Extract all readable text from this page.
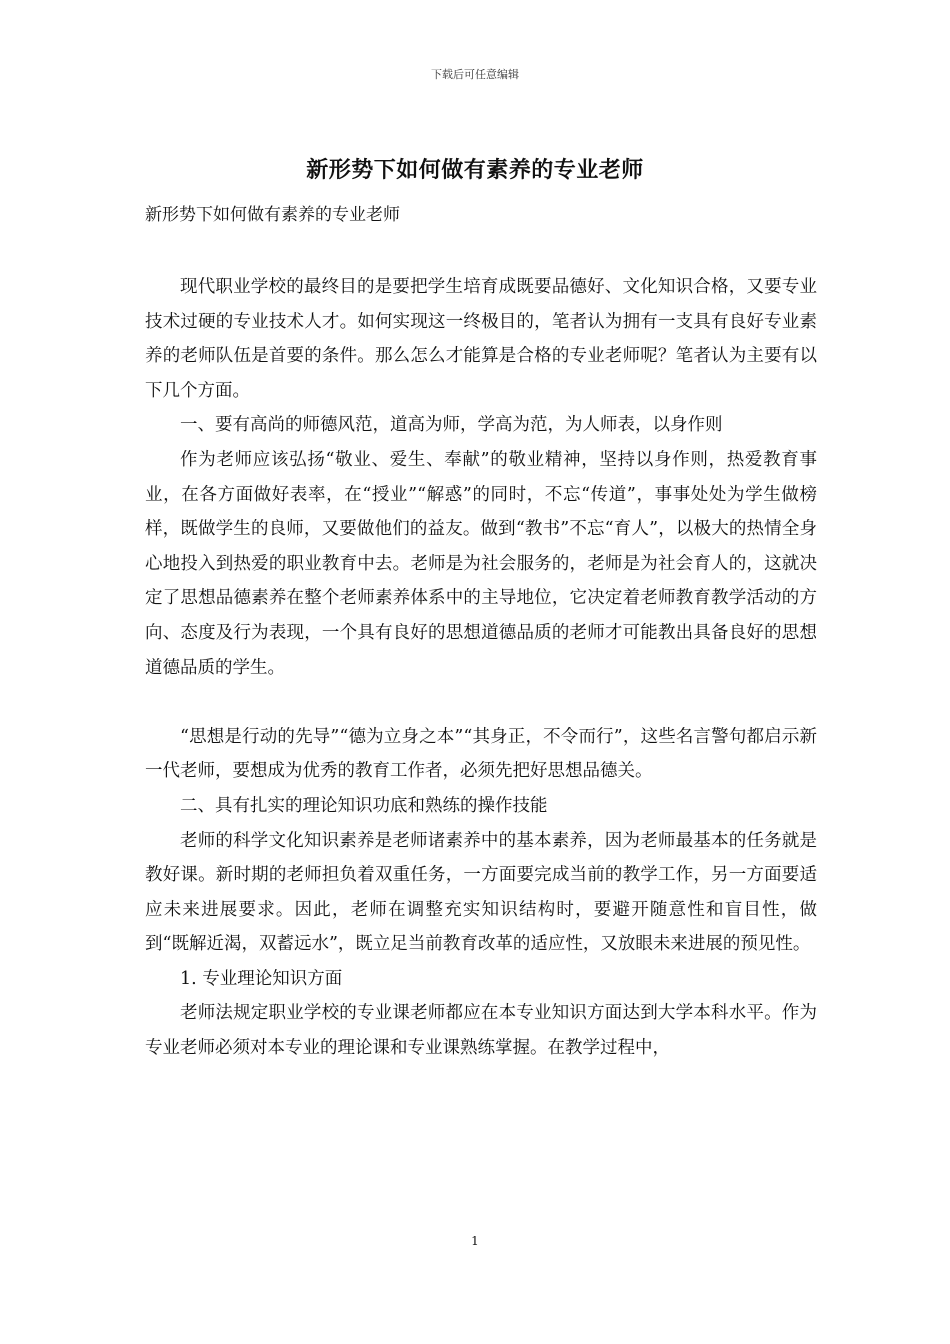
下载后可任意编辑
新形势下如何做有素养的专业老师
新形势下如何做有素养的专业老师

现代职业学校的最终目的是要把学生培育成既要品德好、文化知识合格，又要专业技术过硬的专业技术人才。如何实现这一终极目的，笔者认为拥有一支具有良好专业素养的老师队伍是首要的条件。那么怎么才能算是合格的专业老师呢？笔者认为主要有以下几个方面。

一、要有高尚的师德风范，道高为师，学高为范，为人师表，以身作则

作为老师应该弘扬“敬业、爱生、奉献”的敬业精神，坚持以身作则，热爱教育事业，在各方面做好表率，在“授业”“解惑”的同时，不忘“传道”，事事处处为学生做榜样，既做学生的良师，又要做他们的益友。做到“教书”不忘“育人”，以极大的热情全身心地投入到热爱的职业教育中去。老师是为社会服务的，老师是为社会育人的，这就决定了思想品德素养在整个老师素养体系中的主导地位，它决定着老师教育教学活动的方向、态度及行为表现，一个具有良好的思想道德品质的老师才可能教出具备良好的思想道德品质的学生。

“思想是行动的先导”“德为立身之本”“其身正，不令而行”，这些名言警句都启示新一代老师，要想成为优秀的教育工作者，必须先把好思想品德关。

二、具有扎实的理论知识功底和熟练的操作技能

老师的科学文化知识素养是老师诸素养中的基本素养，因为老师最基本的任务就是教好课。新时期的老师担负着双重任务，一方面要完成当前的教学工作，另一方面要适应未来进展要求。因此，老师在调整充实知识结构时，要避开随意性和盲目性，做到“既解近渴，双蓄远水”，既立足当前教育改革的适应性，又放眼未来进展的预见性。

1. 专业理论知识方面

老师法规定职业学校的专业课老师都应在本专业知识方面达到大学本科水平。作为专业老师必须对本专业的理论课和专业课熟练掌握。在教学过程中，

1
